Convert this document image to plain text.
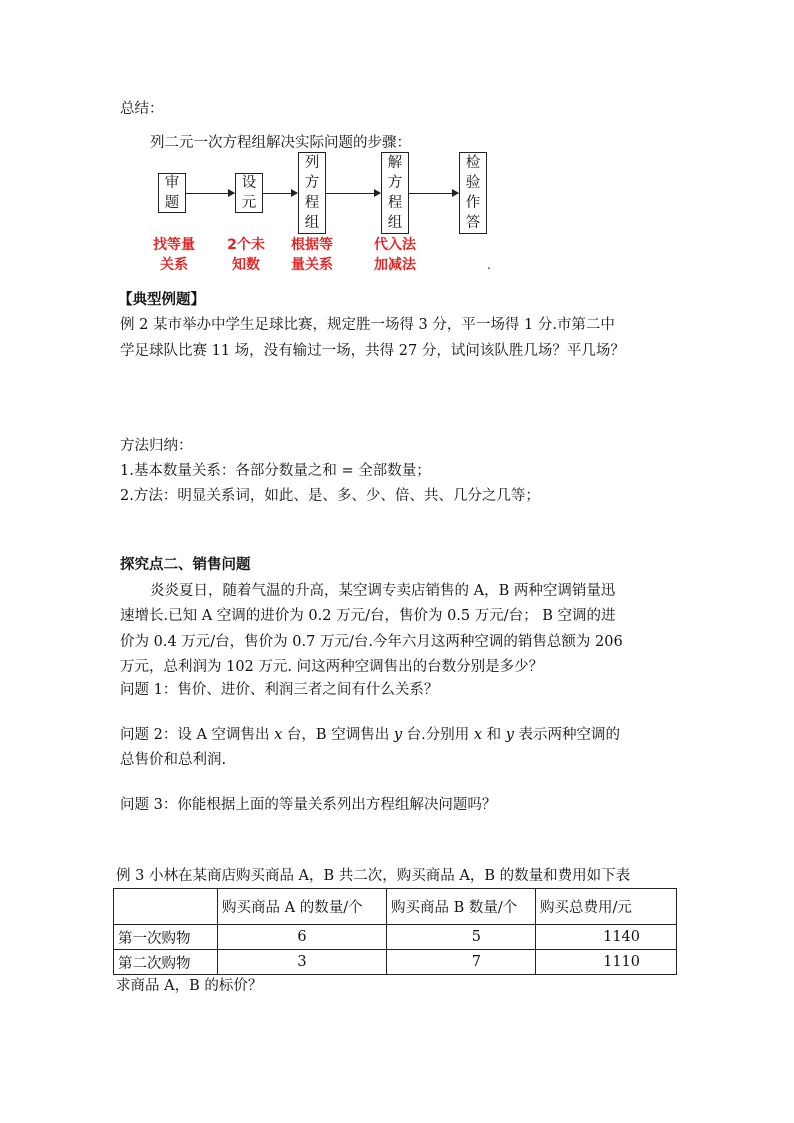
总结：
列二元一次方程组解决实际问题的步骤：
审
题
设
元
列
方
程
组
解
方
程
组
检
验
作
答
找等量
关系
2个未
知数
根据等
量关系
代入法
加减法	.
【典型例题】
例 2 某市举办中学生足球比赛，规定胜一场得 3 分，平一场得 1 分.市第二中
学足球队比赛 11 场，没有输过一场，共得 27 分，试问该队胜几场？平几场？
方法归纳：
1.基本数量关系：各部分数量之和 = 全部数量；
2.方法：明显关系词，如此、是、多、少、倍、共、几分之几等；
探究点二、销售问题
炎炎夏日，随着气温的升高，某空调专卖店销售的 A，B 两种空调销量迅
速增长.已知 A 空调的进价为 0.2 万元/台，售价为 0.5 万元/台； B 空调的进
价为 0.4 万元/台，售价为 0.7 万元/台.今年六月这两种空调的销售总额为 206
万元，总利润为 102 万元. 问这两种空调售出的台数分别是多少？
问题 1：售价、进价、利润三者之间有什么关系？
问题 2：设 A 空调售出 x 台，B 空调售出 y 台.分别用 x 和 y 表示两种空调的
总售价和总利润.
问题 3：你能根据上面的等量关系列出方程组解决问题吗？
例 3 小林在某商店购买商品 A，B 共二次，购买商品 A，B 的数量和费用如下表
	购买商品 A 的数量/个	购买商品 B 数量/个	购买总费用/元
第一次购物	6	5	1140
第二次购物	3	7	1110
求商品 A，B 的标价？
